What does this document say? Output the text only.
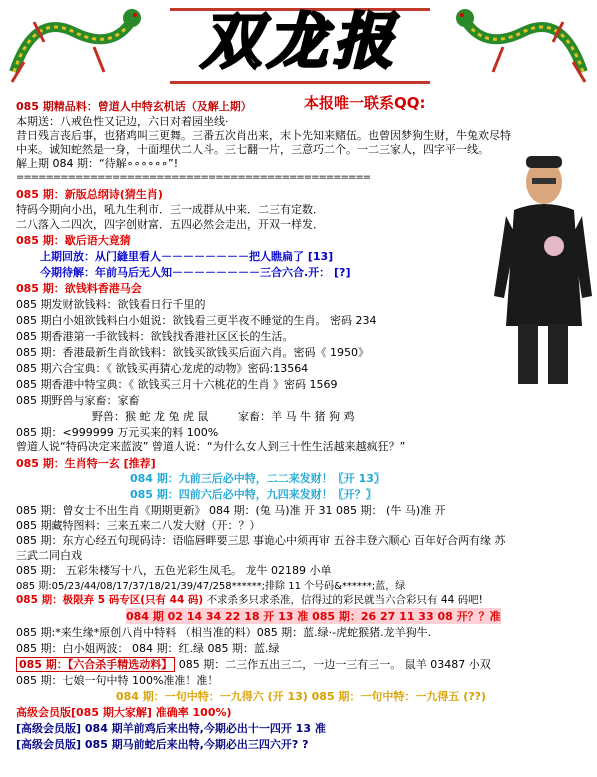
双龙报
本报唯一联系QQ:
085 期精品料：曾道人中特玄机话（及解上期）
本期送：八戒色性又记边，六日对着园坐线·
昔日残言丧后事，也猪鸡叫三更舞。三番五次肖出来，末卜先知来赌伍。也曾因梦狗生财，牛兔欢尽特
中来。诚知蛇然是一身，十面埋伏二人斗。三七翻一片，三意巧二个。一二三家人，四字平一线。
解上期 084 期：“待解∘∘∘∘∘∘”!
================================================
085 期：新版总纲诗(猜生肖)
特码今期向小出，吼九生利市．三一成群从中来．二三有定数．
二八落入二四次，四字创财富．五四必然会走出，开双一样发．
085 期：歇后语大竟猜
上期回放：从门縫里看人－－－－－－－－把人瞧扁了 [13]
今期待解：年前马后无人知－－－－－－－－三合六合.开： [?]
085 期：欲钱料香港马会
085 期发财欲钱料：欲钱看日行千里的
085 期白小姐欲钱料白小姐说：欲钱看三更半夜不睡觉的生肖。 密码 234
085 期香港第一手欲钱料：欲钱找香港社区区长的生活。
085 期：香港最新生肖欲钱料：欲钱买欲钱买后面六肖。密码《 1950》
085 期六合宝典：《 欲钱买再猜心龙虎的动物》密码:13564
085 期香港中特宝典：《 欲钱买三月十六桃花的生肖 》密码 1569
085 期野兽与家畜：家畜
野兽：猴 蛇 龙 兔 虎 鼠	家畜：羊 马 牛 猪 狗 鸡
085 期：<999999 万元买来的料 100%
曾道人说“特码决定来蓝波” 曾道人说：“为什么女人到三十性生活越来越疯狂？”
085 期：生肖特一玄 [推荐]
084 期：九前三后必中特，二二来发财！〖开 13〗
085 期：四前六后必中特，九四来发财！〖开？〗
085 期：曾女士不出生肖《期期更新》 084 期：(兔 马)准 开 31 085 期： (牛 马)准 开
085 期藏特图料：三来五来二八发大财（开：？）
085 期：东方心经五句现码诗：语临唇畔要三思 事诡心中须再审 五谷丰登六顺心 百年好合两有缘 苏
三武二同白戏
085 期： 五彩朱楼写十八，五色光彩生凤毛。 龙牛 02189 小单
085 期:05/23/44/08/17/37/18/21/39/47/258******;排除 11 个号码&******;蓝，绿
085 期：极限弃 5 码专区(只有 44 码) 不求杀多只求杀准，信得过的彩民就当六合彩只有 44 码吧!
084 期 02 14 34 22 18 开 13 准 085 期：26 27 11 33 08 开？？准
085 期:*来生缘*原创八肖中特料 （相当准的料）085 期：蓝.绿·-虎蛇猴猪.龙羊狗牛.
085 期：白小姐两波： 084 期：红.绿 085 期：蓝.绿
085 期：【六合杀手精选动料】 085 期：二三作五出三二，一边一三有三一。 鼠羊 03487 小双
085 期：七娘一句中特 100%准准！准！
084 期：一句中特：一九得六 (开 13) 085 期：一句中特：一九得五 (??)
高级会员版[085 期大家解] 准确率 100%)
[高级会员版] 084 期羊前鸡后来出特,今期必出十一四开 13 准
[高级会员版] 085 期马前蛇后来出特,今期必出三四六开? ?
